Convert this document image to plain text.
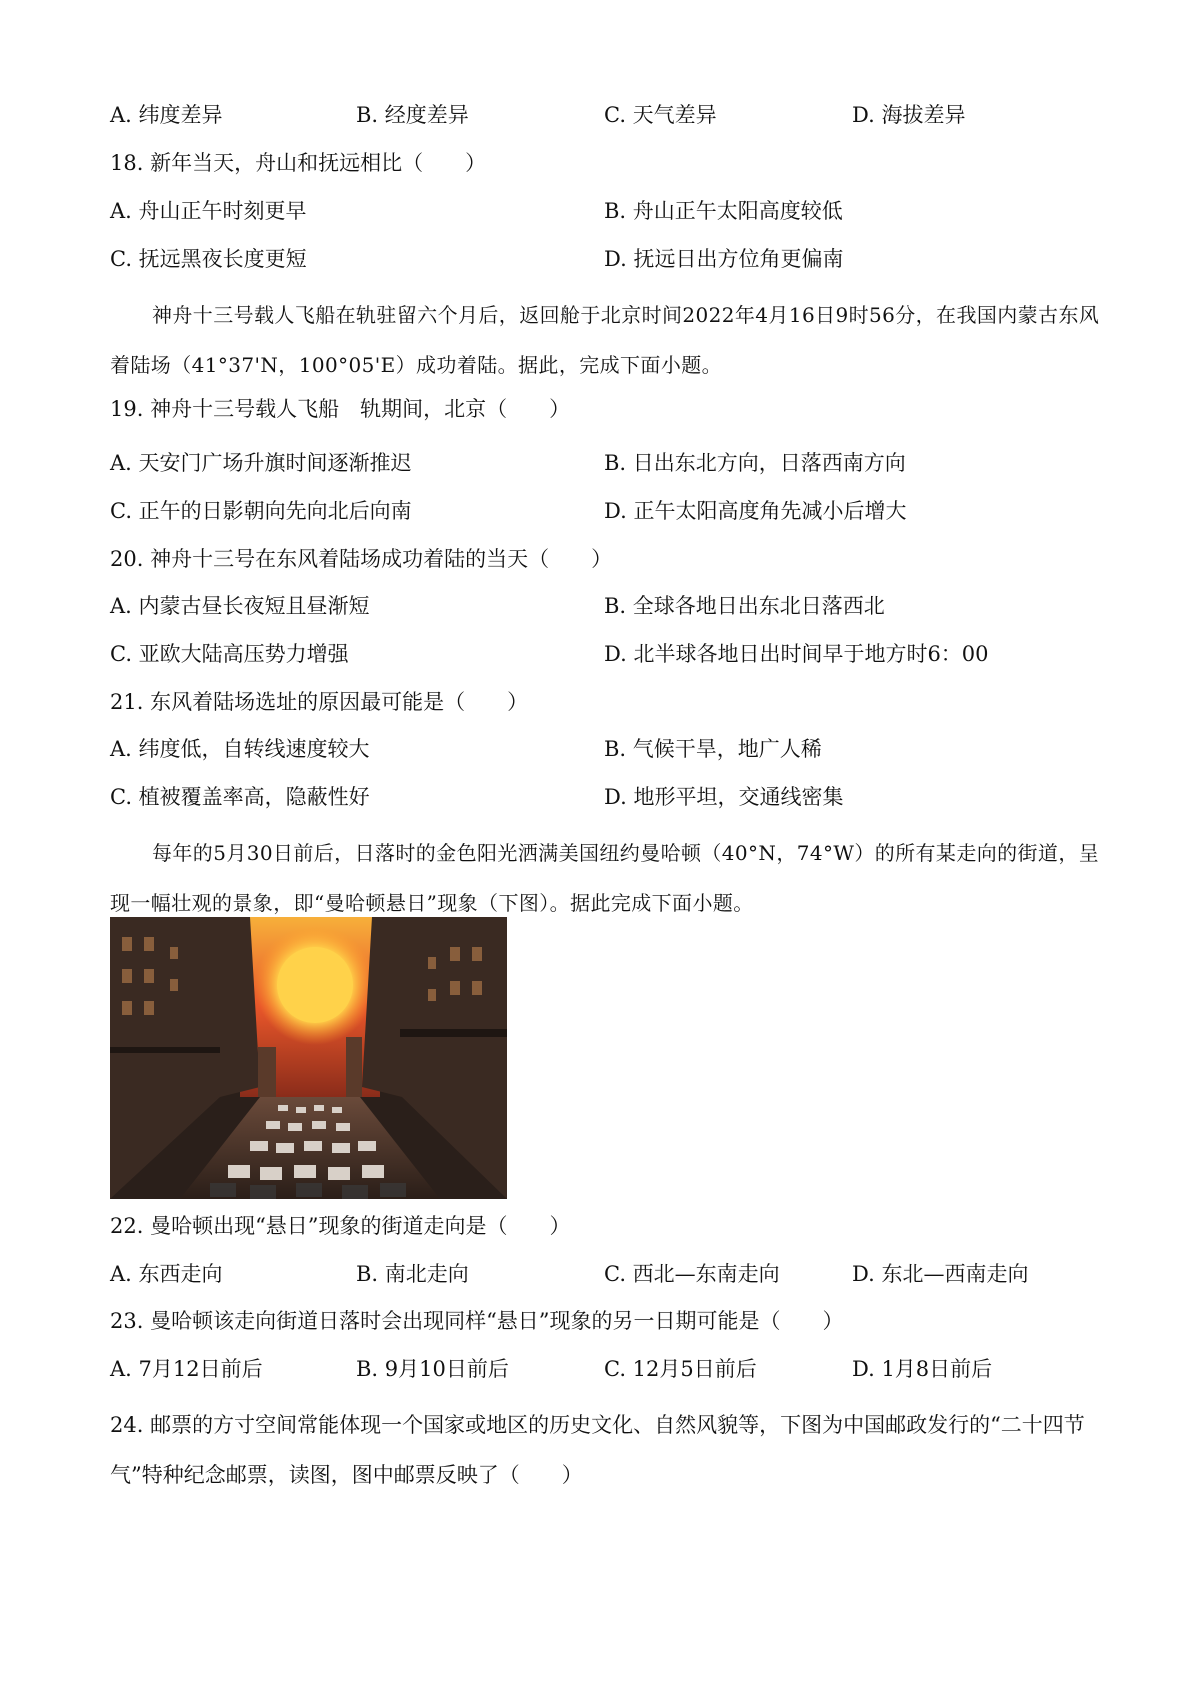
A. 纬度差异	B. 经度差异	C. 天气差异	D. 海拔差异
18. 新年当天，舟山和抚远相比（　　）
A. 舟山正午时刻更早	B. 舟山正午太阳高度较低
C. 抚远黑夜长度更短	D. 抚远日出方位角更偏南
神舟十三号载人飞船在轨驻留六个月后，返回舱于北京时间2022年4月16日9时56分，在我国内蒙古东风着陆场（41°37'N，100°05'E）成功着陆。据此，完成下面小题。
19. 神舟十三号载人飞船　轨期间，北京（　　）
A. 天安门广场升旗时间逐渐推迟	B. 日出东北方向，日落西南方向
C. 正午的日影朝向先向北后向南	D. 正午太阳高度角先减小后增大
20. 神舟十三号在东风着陆场成功着陆的当天（　　）
A. 内蒙古昼长夜短且昼渐短	B. 全球各地日出东北日落西北
C. 亚欧大陆高压势力增强	D. 北半球各地日出时间早于地方时6：00
21. 东风着陆场选址的原因最可能是（　　）
A. 纬度低，自转线速度较大	B. 气候干旱，地广人稀
C. 植被覆盖率高，隐蔽性好	D. 地形平坦，交通线密集
每年的5月30日前后，日落时的金色阳光洒满美国纽约曼哈顿（40°N，74°W）的所有某走向的街道，呈现一幅壮观的景象，即“曼哈顿悬日”现象（下图）。据此完成下面小题。
22. 曼哈顿出现“悬日”现象的街道走向是（　　）
A. 东西走向	B. 南北走向	C. 西北—东南走向	D. 东北—西南走向
23. 曼哈顿该走向街道日落时会出现同样“悬日”现象的另一日期可能是（　　）
A. 7月12日前后	B. 9月10日前后	C. 12月5日前后	D. 1月8日前后
24. 邮票的方寸空间常能体现一个国家或地区的历史文化、自然风貌等，下图为中国邮政发行的“二十四节气”特种纪念邮票，读图，图中邮票反映了（　　）
